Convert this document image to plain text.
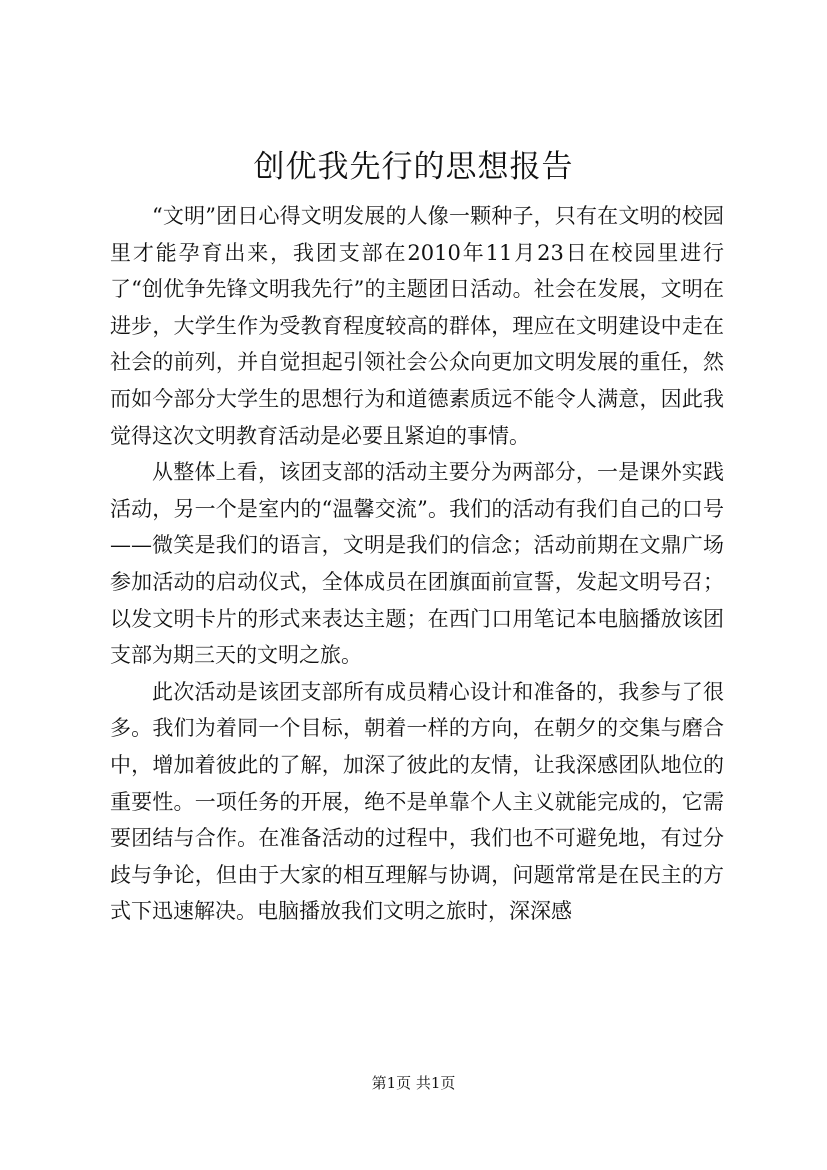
创优我先行的思想报告

“文明”团日心得文明发展的人像一颗种子，只有在文明的校园里才能孕育出来，我团支部在2010年11月23日在校园里进行了“创优争先锋文明我先行”的主题团日活动。社会在发展，文明在进步，大学生作为受教育程度较高的群体，理应在文明建设中走在社会的前列，并自觉担起引领社会公众向更加文明发展的重任，然而如今部分大学生的思想行为和道德素质远不能令人满意，因此我觉得这次文明教育活动是必要且紧迫的事情。

从整体上看，该团支部的活动主要分为两部分，一是课外实践活动，另一个是室内的“温馨交流”。我们的活动有我们自己的口号——微笑是我们的语言，文明是我们的信念；活动前期在文鼎广场参加活动的启动仪式，全体成员在团旗面前宣誓，发起文明号召；以发文明卡片的形式来表达主题；在西门口用笔记本电脑播放该团支部为期三天的文明之旅。

此次活动是该团支部所有成员精心设计和准备的，我参与了很多。我们为着同一个目标，朝着一样的方向，在朝夕的交集与磨合中，增加着彼此的了解，加深了彼此的友情，让我深感团队地位的重要性。一项任务的开展，绝不是单靠个人主义就能完成的，它需要团结与合作。在准备活动的过程中，我们也不可避免地，有过分歧与争论，但由于大家的相互理解与协调，问题常常是在民主的方式下迅速解决。电脑播放我们文明之旅时，深深感

第1页 共1页
